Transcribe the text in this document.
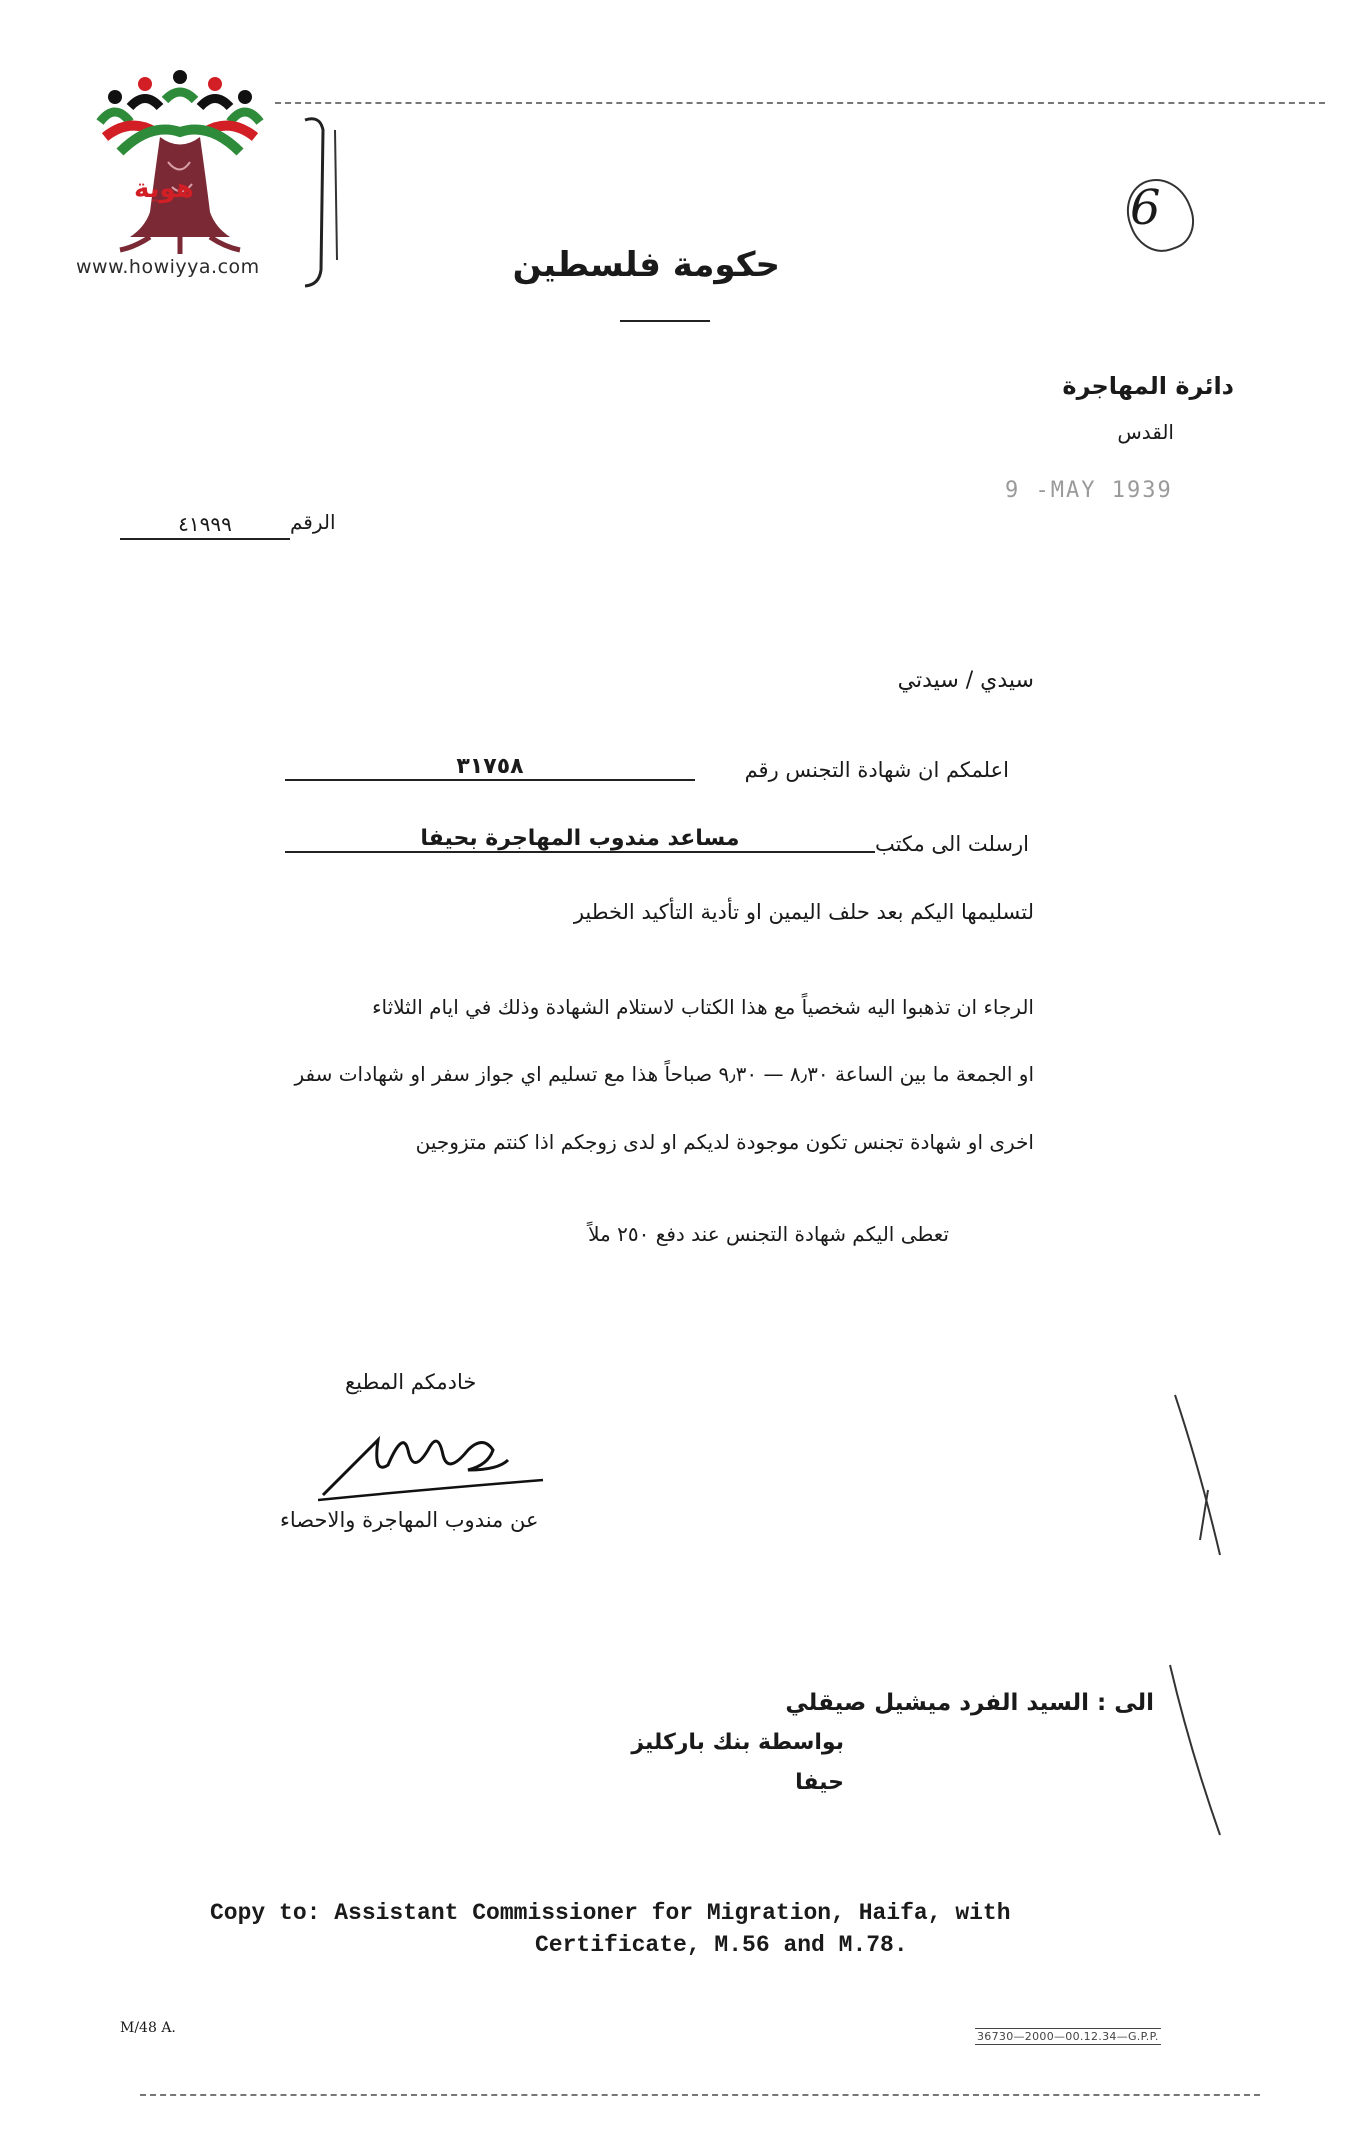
هوية
www.howiyya.com
6
حكومة فلسطين
دائرة المهاجرة
القدس
9 -MAY 1939
الرقم
٤١٩٩٩
سيدي / سيدتي
اعلمكم ان شهادة التجنس رقم
٣١٧٥٨
ارسلت الى مكتب
مساعد مندوب المهاجرة بحيفا
لتسليمها اليكم بعد حلف اليمين او تأدية التأكيد الخطير
الرجاء ان تذهبوا اليه شخصياً مع هذا الكتاب لاستلام الشهادة وذلك في ايام الثلاثاء
او الجمعة ما بين الساعة ٨٫٣٠ — ٩٫٣٠ صباحاً هذا مع تسليم اي جواز سفر او شهادات سفر
اخرى او شهادة تجنس تكون موجودة لديكم او لدى زوجكم اذا كنتم متزوجين
تعطى اليكم شهادة التجنس عند دفع ٢٥٠ ملاً
خادمكم المطيع
عن مندوب المهاجرة والاحصاء
الى : السيد الفرد ميشيل صيقلي
بواسطة بنك باركليز
حيفا
Copy to: Assistant Commissioner for Migration, Haifa, with
Certificate, M.56 and M.78.
M/48 A.
36730—2000—00.12.34—G.P.P.
